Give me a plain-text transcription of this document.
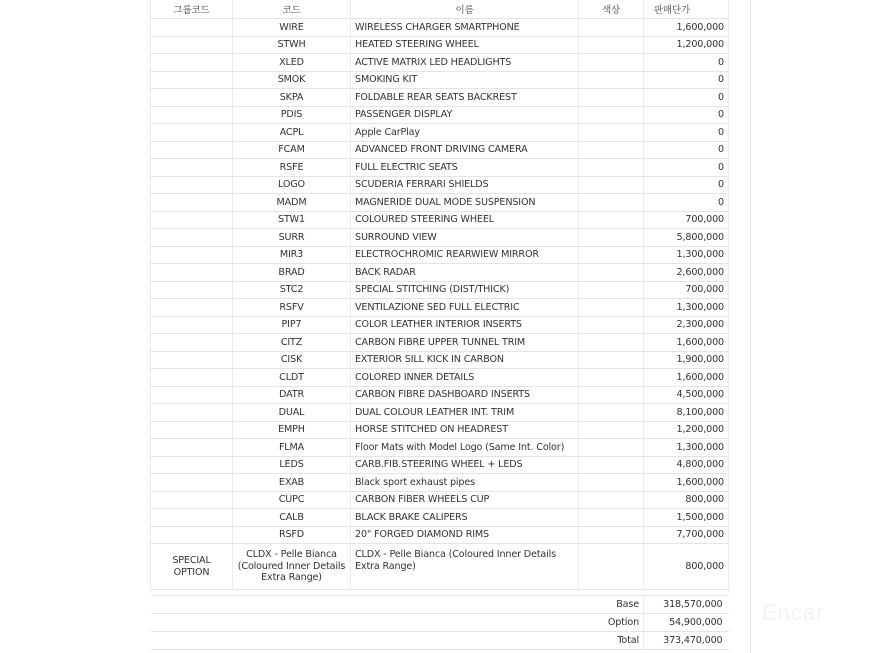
그룹코드	코드	이름	색상	판매단가
	WIRE	WIRELESS CHARGER SMARTPHONE		1,600,000
	STWH	HEATED STEERING WHEEL		1,200,000
	XLED	ACTIVE MATRIX LED HEADLIGHTS		0
	SMOK	SMOKING KIT		0
	SKPA	FOLDABLE REAR SEATS BACKREST		0
	PDIS	PASSENGER DISPLAY		0
	ACPL	Apple CarPlay		0
	FCAM	ADVANCED FRONT DRIVING CAMERA		0
	RSFE	FULL ELECTRIC SEATS		0
	LOGO	SCUDERIA FERRARI SHIELDS		0
	MADM	MAGNERIDE DUAL MODE SUSPENSION		0
	STW1	COLOURED STEERING WHEEL		700,000
	SURR	SURROUND VIEW		5,800,000
	MIR3	ELECTROCHROMIC REARWIEW MIRROR		1,300,000
	BRAD	BACK RADAR		2,600,000
	STC2	SPECIAL STITCHING (DIST/THICK)		700,000
	RSFV	VENTILAZIONE SED FULL ELECTRIC		1,300,000
	PIP7	COLOR LEATHER INTERIOR INSERTS		2,300,000
	CITZ	CARBON FIBRE UPPER TUNNEL TRIM		1,600,000
	CISK	EXTERIOR SILL KICK IN CARBON		1,900,000
	CLDT	COLORED INNER DETAILS		1,600,000
	DATR	CARBON FIBRE DASHBOARD INSERTS		4,500,000
	DUAL	DUAL COLOUR LEATHER INT. TRIM		8,100,000
	EMPH	HORSE STITCHED ON HEADREST		1,200,000
	FLMA	Floor Mats with Model Logo (Same Int. Color)		1,300,000
	LEDS	CARB.FIB.STEERING WHEEL + LEDS		4,800,000
	EXAB	Black sport exhaust pipes		1,600,000
	CUPC	CARBON FIBER WHEELS CUP		800,000
	CALB	BLACK BRAKE CALIPERS		1,500,000
	RSFD	20" FORGED DIAMOND RIMS		7,700,000
SPECIAL OPTION	CLDX - Pelle Bianca (Coloured Inner Details Extra Range)	CLDX - Pelle Bianca (Coloured Inner Details Extra Range)		800,000

Base				318,570,000
Option				54,900,000
Total				373,470,000
Encar
